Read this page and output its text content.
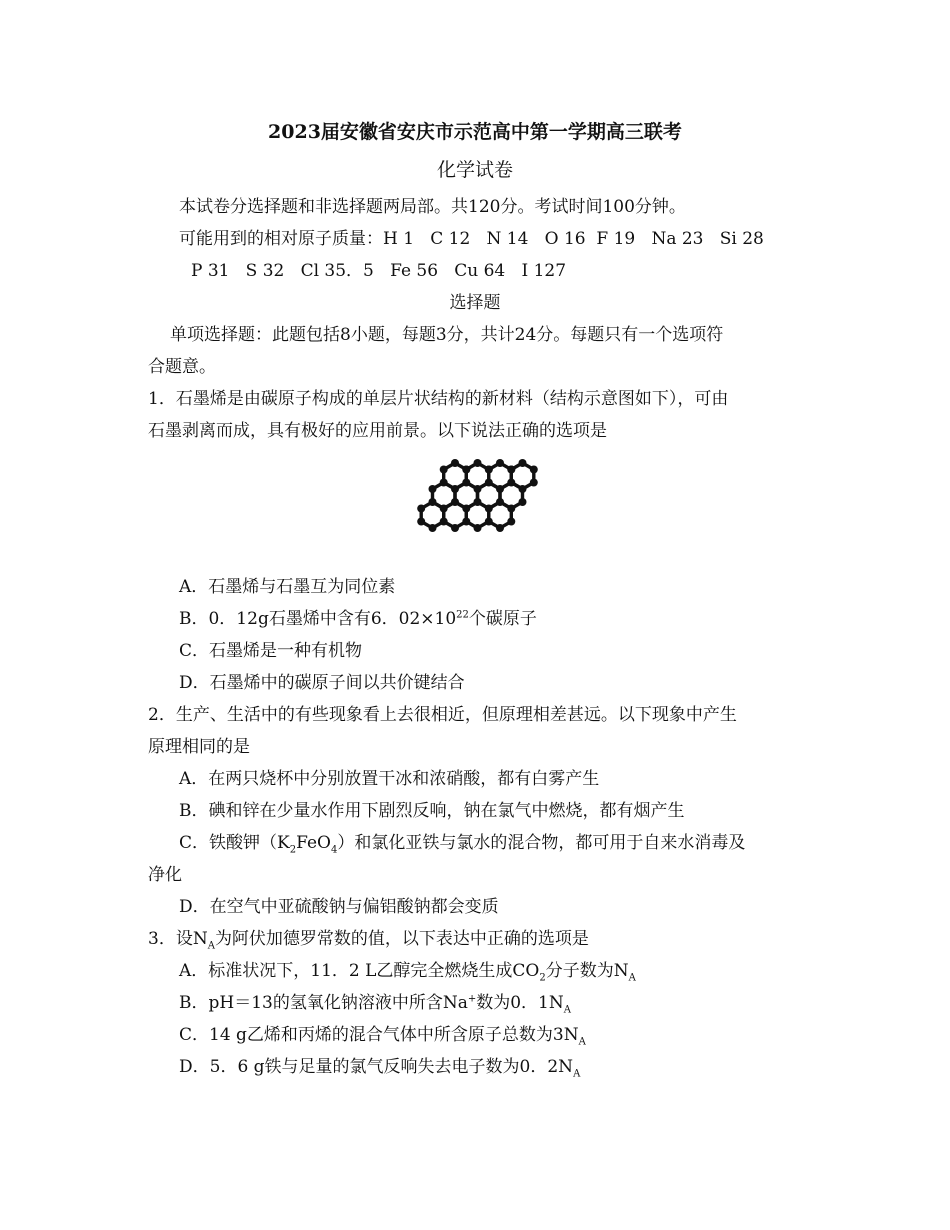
2023届安徽省安庆市示范高中第一学期高三联考
化学试卷
本试卷分选择题和非选择题两局部。共120分。考试时间100分钟。
可能用到的相对原子质量：H 1   C 12   N 14   O 16  F 19   Na 23   Si 28
P 31   S 32   Cl 35．5   Fe 56   Cu 64   I 127
选择题
单项选择题：此题包括8小题，每题3分，共计24分。每题只有一个选项符
合题意。
1．石墨烯是由碳原子构成的单层片状结构的新材料（结构示意图如下），可由
石墨剥离而成，具有极好的应用前景。以下说法正确的选项是
A．石墨烯与石墨互为同位素
B．0．12g石墨烯中含有6．$02\times 10^{22}$个碳原子
C．石墨烯是一种有机物
D．石墨烯中的碳原子间以共价键结合
2．生产、生活中的有些现象看上去很相近，但原理相差甚远。以下现象中产生
原理相同的是
A．在两只烧杯中分别放置干冰和浓硝酸，都有白雾产生
B．碘和锌在少量水作用下剧烈反响，钠在氯气中燃烧，都有烟产生
C．铁酸钾$(K_2FeO_4)$和氯化亚铁与氯水的混合物，都可用于自来水消毒及
净化
D．在空气中亚硫酸钠与偏铝酸钠都会变质
3．设$N_A$为阿伏加德罗常数的值，以下表达中正确的选项是
A．标准状况下，11．2 L乙醇完全燃烧生成$CO_2$分子数为$N_A$
B．pH＝13的氢氧化钠溶液中所含Na+数为0．$1N_A$
C．14 g乙烯和丙烯的混合气体中所含原子总数为$3N_A$
D．5．6 g铁与足量的氯气反响失去电子数为0．$2N_A$
